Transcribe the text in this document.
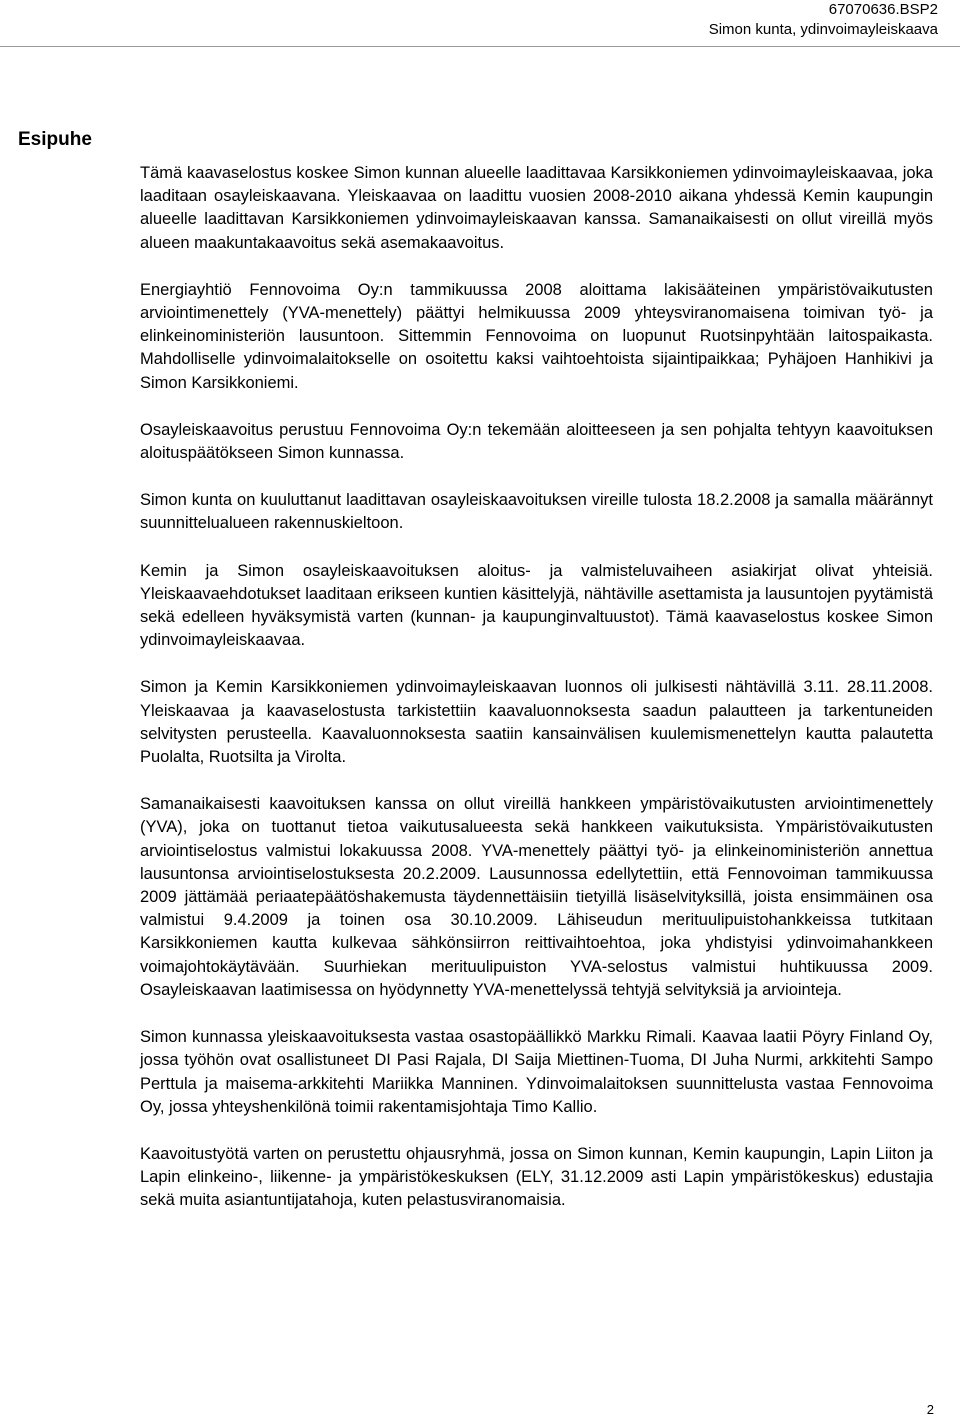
67070636.BSP2
Simon kunta, ydinvoimayleiskaava
Esipuhe

Tämä kaavaselostus koskee Simon kunnan alueelle laadittavaa Karsikkoniemen ydinvoimayleiskaavaa, joka laaditaan osayleiskaavana. Yleiskaavaa on laadittu vuosien 2008-2010 aikana yhdessä Kemin kaupungin alueelle laadittavan Karsikkoniemen ydinvoimayleiskaavan kanssa. Samanaikaisesti on ollut vireillä myös alueen maakuntakaavoitus sekä asemakaavoitus.

Energiayhtiö Fennovoima Oy:n tammikuussa 2008 aloittama lakisääteinen ympäristövaikutusten arviointimenettely (YVA-menettely) päättyi helmikuussa 2009 yhteysviranomaisena toimivan työ- ja elinkeinoministeriön lausuntoon. Sittemmin Fennovoima on luopunut Ruotsinpyhtään laitospaikasta. Mahdolliselle ydinvoimalaitokselle on osoitettu kaksi vaihtoehtoista sijaintipaikkaa; Pyhäjoen Hanhikivi ja Simon Karsikkoniemi.

Osayleiskaavoitus perustuu Fennovoima Oy:n tekemään aloitteeseen ja sen pohjalta tehtyyn kaavoituksen aloituspäätökseen Simon kunnassa.

Simon kunta on kuuluttanut laadittavan osayleiskaavoituksen vireille tulosta 18.2.2008 ja samalla määrännyt suunnittelualueen rakennuskieltoon.

Kemin ja Simon osayleiskaavoituksen aloitus- ja valmisteluvaiheen asiakirjat olivat yhteisiä. Yleiskaavaehdotukset laaditaan erikseen kuntien käsittelyjä, nähtäville asettamista ja lausuntojen pyytämistä sekä edelleen hyväksymistä varten (kunnan- ja kaupunginvaltuustot). Tämä kaavaselostus koskee Simon ydinvoimayleiskaavaa.

Simon ja Kemin Karsikkoniemen ydinvoimayleiskaavan luonnos oli julkisesti nähtävillä 3.11. 28.11.2008. Yleiskaavaa ja kaavaselostusta tarkistettiin kaavaluonnoksesta saadun palautteen ja tarkentuneiden selvitysten perusteella. Kaavaluonnoksesta saatiin kansainvälisen kuulemismenettelyn kautta palautetta Puolalta, Ruotsilta ja Virolta.

Samanaikaisesti kaavoituksen kanssa on ollut vireillä hankkeen ympäristövaikutusten arviointimenettely (YVA), joka on tuottanut tietoa vaikutusalueesta sekä hankkeen vaikutuksista. Ympäristövaikutusten arviointiselostus valmistui lokakuussa 2008. YVA-menettely päättyi työ- ja elinkeinoministeriön annettua lausuntonsa arviointiselostuksesta 20.2.2009. Lausunnossa edellytettiin, että Fennovoiman tammikuussa 2009 jättämää periaatepäätöshakemusta täydennettäisiin tietyillä lisäselvityksillä, joista ensimmäinen osa valmistui 9.4.2009 ja toinen osa 30.10.2009. Lähiseudun merituulipuistohankkeissa tutkitaan Karsikkoniemen kautta kulkevaa sähkönsiirron reittivaihtoehtoa, joka yhdistyisi ydinvoimahankkeen voimajohtokäytävään. Suurhiekan merituulipuiston YVA-selostus valmistui huhtikuussa 2009. Osayleiskaavan laatimisessa on hyödynnetty YVA-menettelyssä tehtyjä selvityksiä ja arviointeja.

Simon kunnassa yleiskaavoituksesta vastaa osastopäällikkö Markku Rimali. Kaavaa laatii Pöyry Finland Oy, jossa työhön ovat osallistuneet DI Pasi Rajala, DI Saija Miettinen-Tuoma, DI Juha Nurmi, arkkitehti Sampo Perttula ja maisema-arkkitehti Mariikka Manninen. Ydinvoimalaitoksen suunnittelusta vastaa Fennovoima Oy, jossa yhteyshenkilönä toimii rakentamisjohtaja Timo Kallio.

Kaavoitustyötä varten on perustettu ohjausryhmä, jossa on Simon kunnan, Kemin kaupungin, Lapin Liiton ja Lapin elinkeino-, liikenne- ja ympäristökeskuksen (ELY, 31.12.2009 asti Lapin ympäristökeskus) edustajia sekä muita asiantuntijatahoja, kuten pelastusviranomaisia.

2
